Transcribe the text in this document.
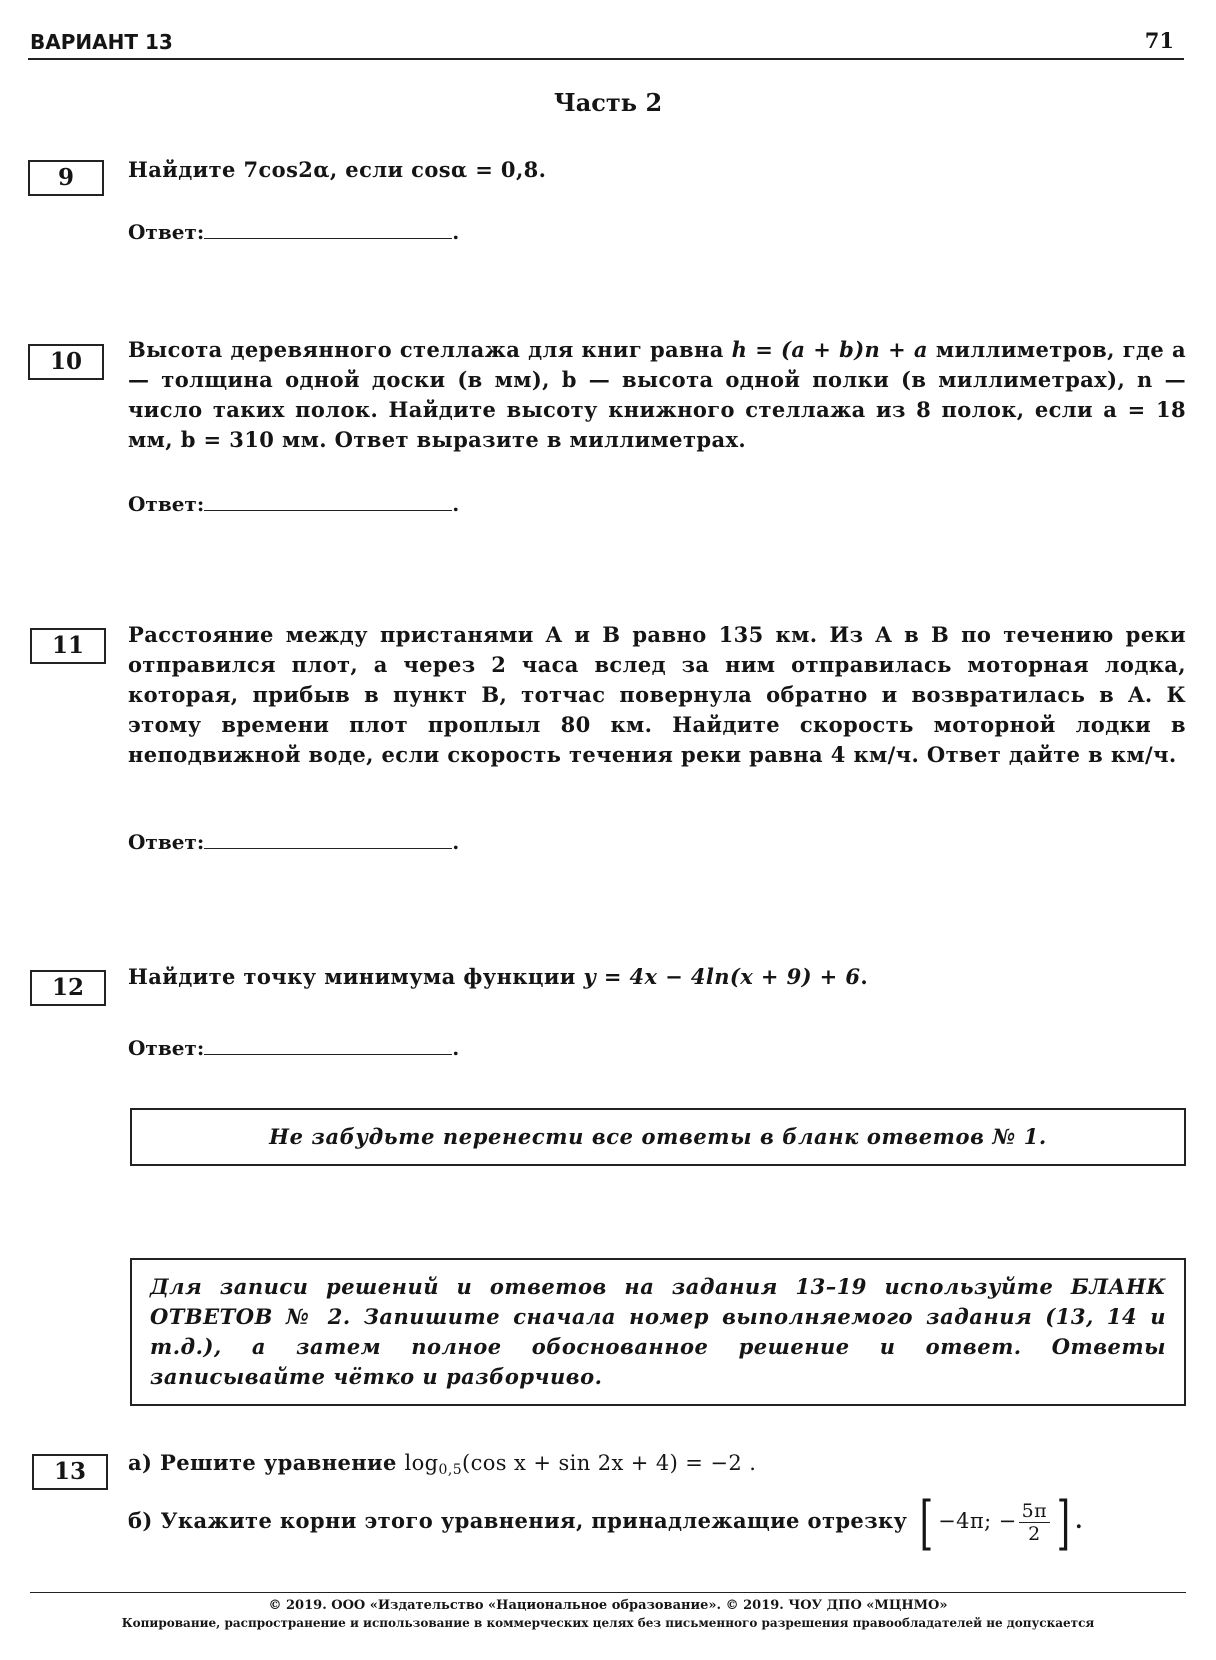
ВАРИАНТ 13	71
Часть 2
9	Найдите 7cos2α, если cosα = 0,8.
Ответ:	.
10	Высота деревянного стеллажа для книг равна h = (a + b)n + a миллиметров, где a — толщина одной доски (в мм), b — высота одной полки (в миллиметрах), n — число таких полок. Найдите высоту книжного стеллажа из 8 полок, если a = 18 мм, b = 310 мм. Ответ выразите в миллиметрах.
Ответ:	.
11	Расстояние между пристанями A и B равно 135 км. Из A в B по течению реки отправился плот, а через 2 часа вслед за ним отправилась моторная лодка, которая, прибыв в пункт B, тотчас повернула обратно и возвратилась в A. К этому времени плот проплыл 80 км. Найдите скорость моторной лодки в неподвижной воде, если скорость течения реки равна 4 км/ч. Ответ дайте в км/ч.
Ответ:	.
12	Найдите точку минимума функции y = 4x − 4ln(x + 9) + 6.
Ответ:	.
Не забудьте перенести все ответы в бланк ответов № 1.
Для записи решений и ответов на задания 13–19 используйте БЛАНК ОТВЕТОВ № 2. Запишите сначала номер выполняемого задания (13, 14 и т.д.), а затем полное обоснованное решение и ответ. Ответы записывайте чётко и разборчиво.
13	а) Решите уравнение $\log_{0,5}(\cos$ x + sin 2x + 4) = −2 .
б) Укажите корни этого уравнения, принадлежащие отрезку [ −4π; − $\frac{5\pi}{2}$ ] .
© 2019. ООО «Издательство «Национальное образование». © 2019. ЧОУ ДПО «МЦНМО»
Копирование, распространение и использование в коммерческих целях без письменного разрешения правообладателей не допускается
